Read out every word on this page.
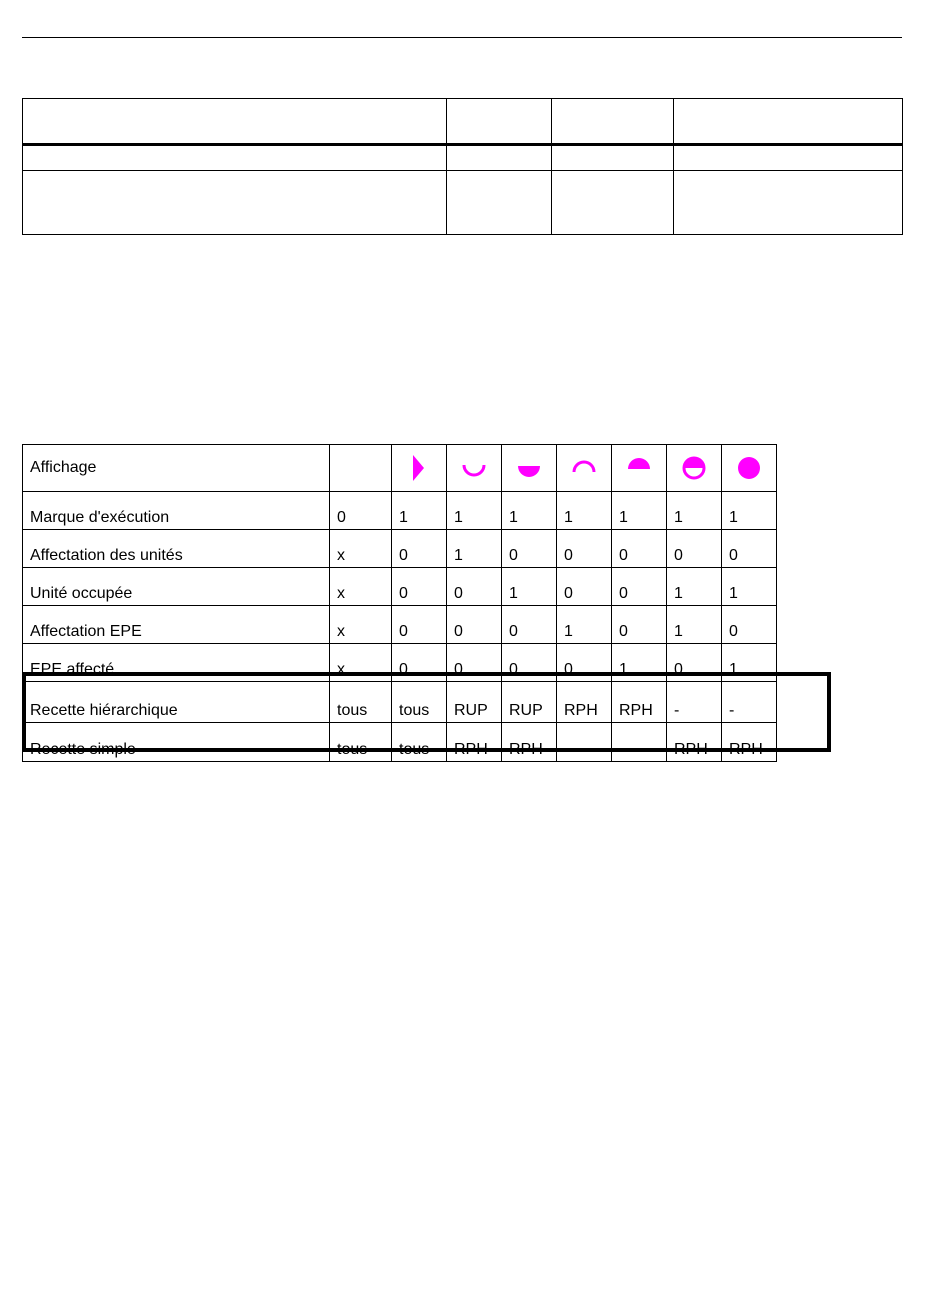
Affichage								
Marque d'exécution	0	1	1	1	1	1	1	1
Affectation des unités	x	0	1	0	0	0	0	0
Unité occupée	x	0	0	1	0	0	1	1
Affectation EPE	x	0	0	0	1	0	1	0
EPE affecté	x	0	0	0	0	1	0	1
Recette hiérarchique	tous	tous	RUP	RUP	RPH	RPH	-	-
Recette simple	tous	tous	RPH	RPH	-	-	RPH	RPH
